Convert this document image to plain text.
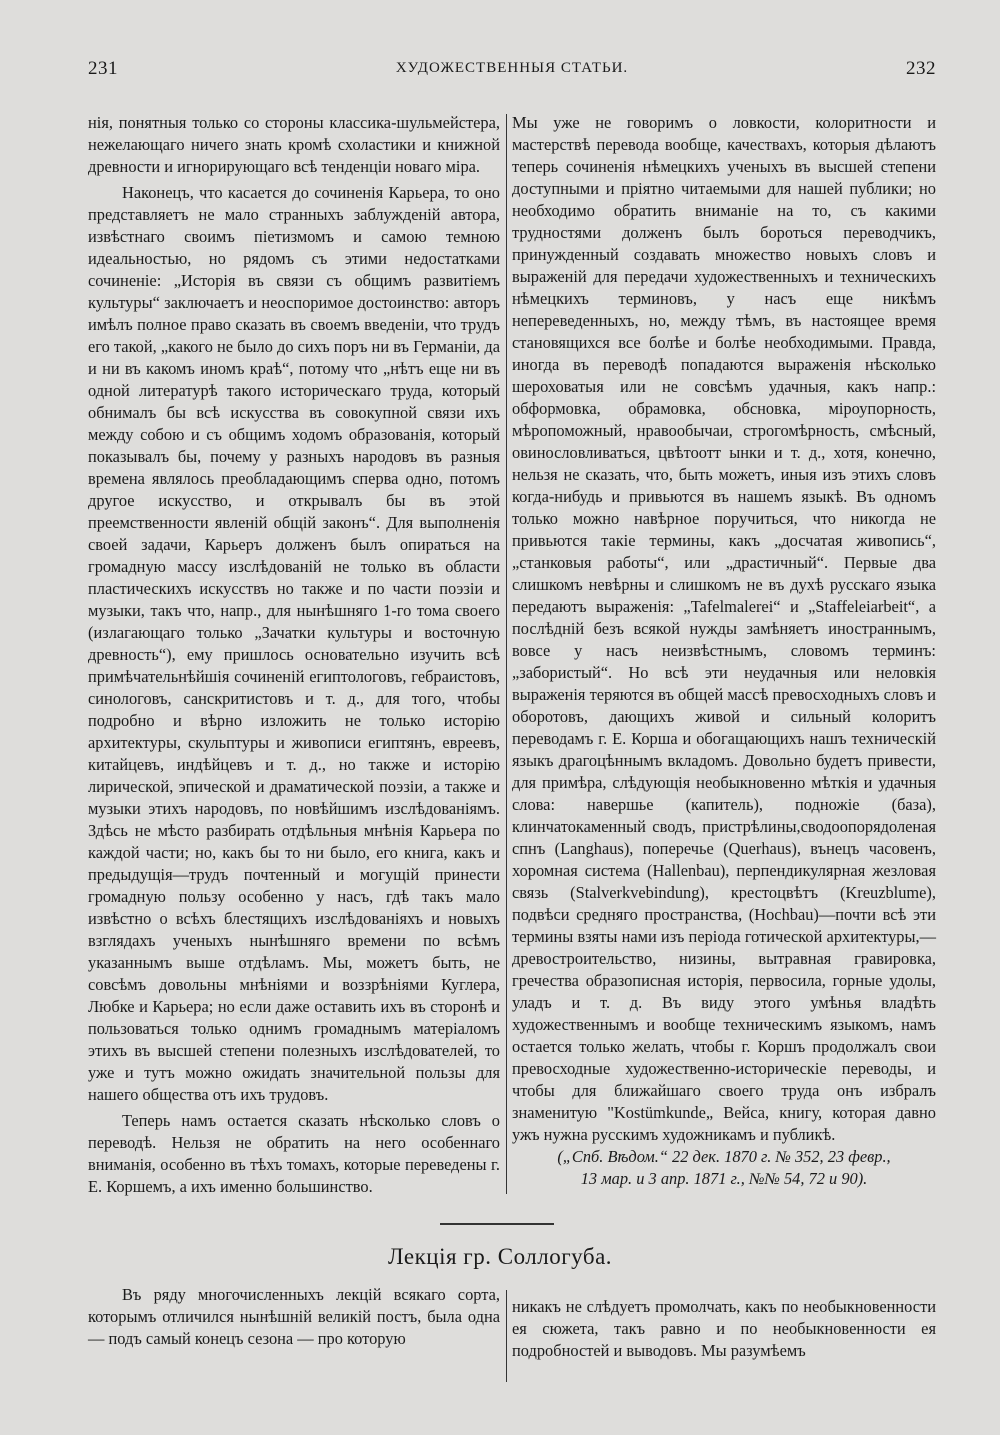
231	ХУДОЖЕСТВЕННЫЯ СТАТЬИ.	232

нія, понятныя только со стороны классика-шульмейстера, нежелающаго ничего знать кромѣ схоластики и книжной древности и игнорирующаго всѣ тенденціи новаго міра.

Наконецъ, что касается до сочиненія Карьера, то оно представляетъ не мало странныхъ заблужденій автора, извѣстнаго своимъ піетизмомъ и самою темною идеальностью, но рядомъ съ этими недостатками сочиненіе: „Исторія въ связи съ общимъ развитіемъ культуры“ заключаетъ и неоспоримое достоинство: авторъ имѣлъ полное право сказать въ своемъ введеніи, что трудъ его такой, „какого не было до сихъ поръ ни въ Германіи, да и ни въ какомъ иномъ краѣ“, потому что „нѣтъ еще ни въ одной литературѣ такого историческаго труда, который обнималъ бы всѣ искусства въ совокупной связи ихъ между собою и съ общимъ ходомъ образованія, который показывалъ бы, почему у разныхъ народовъ въ разныя времена являлось преобладающимъ сперва одно, потомъ другое искусство, и открывалъ бы въ этой преемственности явленій общій законъ“. Для выполненія своей задачи, Карьеръ долженъ былъ опираться на громадную массу изслѣдованій не только въ области пластическихъ искусствъ но также и по части поэзіи и музыки, такъ что, напр., для нынѣшняго 1-го тома своего (излагающаго только „Зачатки культуры и восточную древность“), ему пришлось основательно изучить всѣ примѣчательнѣйшія сочиненій египтологовъ, гебраистовъ, синологовъ, санскритистовъ и т. д., для того, чтобы подробно и вѣрно изложить не только исторію архитектуры, скульптуры и живописи египтянъ, евреевъ, китайцевъ, индѣйцевъ и т. д., но также и исторію лирической, эпической и драматической поэзіи, а также и музыки этихъ народовъ, по новѣйшимъ изслѣдованіямъ. Здѣсь не мѣсто разбирать отдѣльныя мнѣнія Карьера по каждой части; но, какъ бы то ни было, его книга, какъ и предыдущія—трудъ почтенный и могущій принести громадную пользу особенно у насъ, гдѣ такъ мало извѣстно о всѣхъ блестящихъ изслѣдованіяхъ и новыхъ взглядахъ ученыхъ нынѣшняго времени по всѣмъ указаннымъ выше отдѣламъ. Мы, можетъ быть, не совсѣмъ довольны мнѣніями и воззрѣніями Куглера, Любке и Карьера; но если даже оставить ихъ въ сторонѣ и пользоваться только однимъ громаднымъ матеріаломъ этихъ въ высшей степени полезныхъ изслѣдователей, то уже и тутъ можно ожидать значительной пользы для нашего общества отъ ихъ трудовъ.

Теперь намъ остается сказать нѣсколько словъ о переводѣ. Нельзя не обратить на него особеннаго вниманія, особенно въ тѣхъ томахъ, которые переведены г. Е. Коршемъ, а ихъ именно большинство.

Мы уже не говоримъ о ловкости, колоритности и мастерствѣ перевода вообще, качествахъ, которыя дѣлаютъ теперь сочиненія нѣмецкихъ ученыхъ въ высшей степени доступными и пріятно читаемыми для нашей публики; но необходимо обратить вниманіе на то, съ какими трудностями долженъ былъ бороться переводчикъ, принужденный создавать множество новыхъ словъ и выраженій для передачи художественныхъ и техническихъ нѣмецкихъ терминовъ, у насъ еще никѣмъ непереведенныхъ, но, между тѣмъ, въ настоящее время становящихся все болѣе и болѣе необходимыми. Правда, иногда въ переводѣ попадаются выраженія нѣсколько шероховатыя или не совсѣмъ удачныя, какъ напр.: обформовка, обрамовка, обсновка, міроупорность, мѣропоможный, нравообычаи, строгомѣрность, смѣсный, овинословливаться, цвѣтоотт ынки и т. д., хотя, конечно, нельзя не сказать, что, быть можетъ, иныя изъ этихъ словъ когда-нибудь и привьются въ нашемъ языкѣ. Въ одномъ только можно навѣрное поручиться, что никогда не привьются такіе термины, какъ „досчатая живопись“, „станковыя работы“, или „драстичный“. Первые два слишкомъ невѣрны и слишкомъ не въ духѣ русскаго языка передаютъ выраженія: „Tafelmalerei“ и „Staffeleiarbeit“, а послѣдній безъ всякой нужды замѣняетъ иностраннымъ, вовсе у насъ неизвѣстнымъ, словомъ терминъ: „забористый“. Но всѣ эти неудачныя или неловкія выраженія теряются въ общей массѣ превосходныхъ словъ и оборотовъ, дающихъ живой и сильный колоритъ переводамъ г. Е. Корша и обогащающихъ нашъ техническій языкъ драгоцѣннымъ вкладомъ. Довольно будетъ привести, для примѣра, слѣдующія необыкновенно мѣткія и удачныя слова: навершье (капитель), подножіе (база), клинчатокаменный сводъ, пристрѣлины,сводоопорядоленая спнъ (Langhaus), поперечье (Querhaus), вънецъ часовенъ, хоромная система (Hallenbau), перпендикулярная жезловая связь (Stalverkvebindung), крестоцвѣтъ (Kreuzblume), подвѣси средняго пространства, (Hochbau)—почти всѣ эти термины взяты нами изъ періода готической архитектуры,—древостроительство, низины, вытравная гравировка, гречества образописная исторія, первосила, горные удолы, уладъ и т. д. Въ виду этого умѣнья владѣть художественнымъ и вообще техническимъ языкомъ, намъ остается только желать, чтобы г. Коршъ продолжалъ свои превосходные художественно-историческіе переводы, и чтобы для ближайшаго своего труда онъ избралъ знаменитую "Kostümkunde„ Вейса, книгу, которая давно ужъ нужна русскимъ художникамъ и публикѣ.

(„Спб. Вѣдом.“ 22 дек. 1870 г. № 352, 23 февр.,

13 мар. и 3 апр. 1871 г., №№ 54, 72 и 90).

Лекція гр. Соллогуба.

Въ ряду многочисленныхъ лекцій всякаго сорта, которымъ отличился нынѣшній великій постъ, была одна — подъ самый конецъ сезона — про которую

никакъ не слѣдуетъ промолчать, какъ по необыкновенности ея сюжета, такъ равно и по необыкновенности ея подробностей и выводовъ. Мы разумѣемъ
